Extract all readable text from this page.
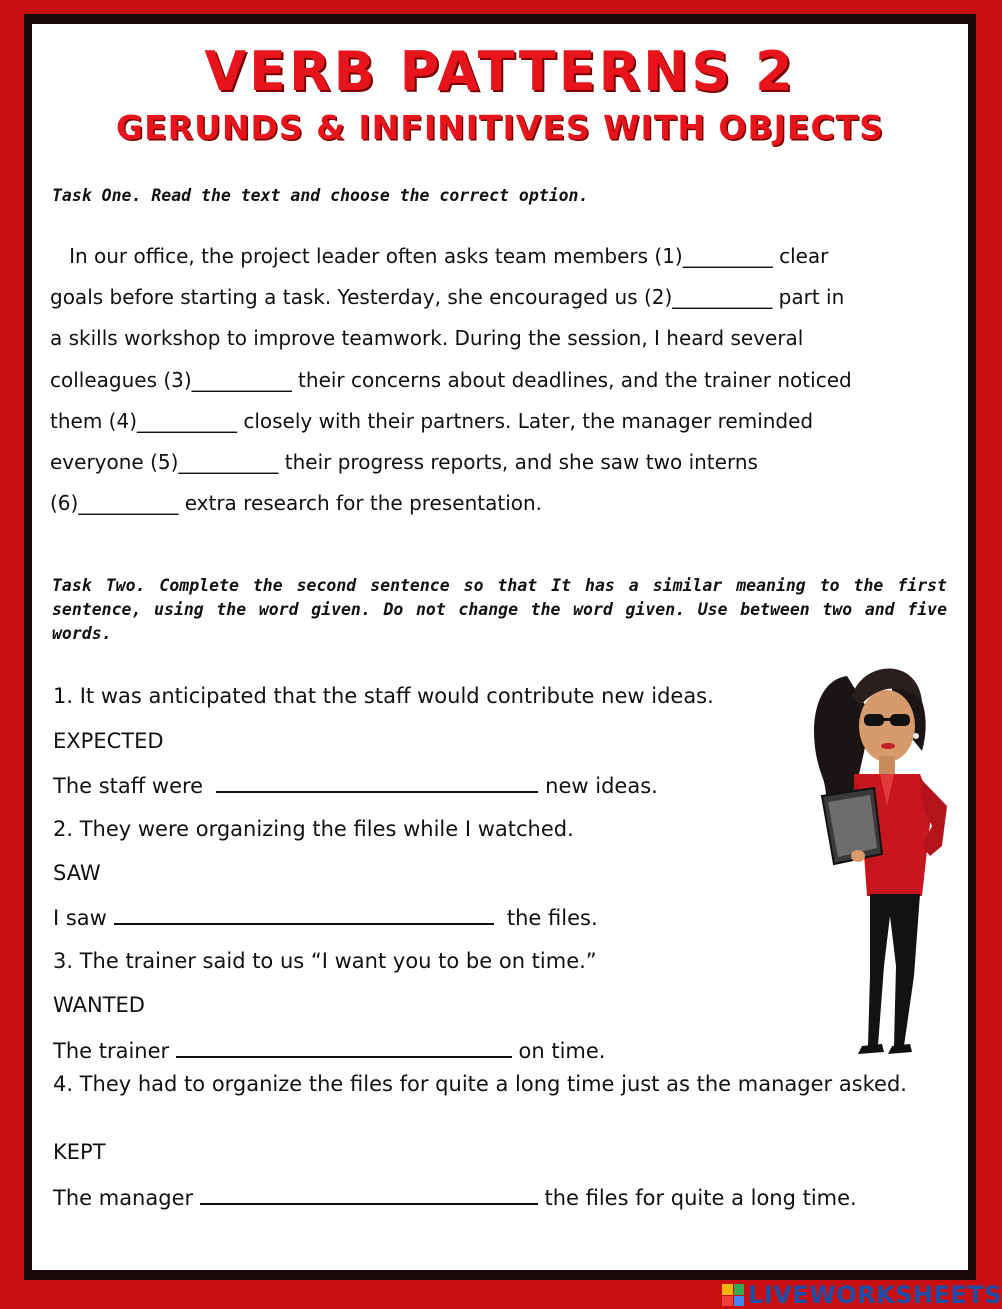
VERB PATTERNS 2
GERUNDS & INFINITIVES WITH OBJECTS
Task One. Read the text and choose the correct option.
In our office, the project leader often asks team members (1)_________ clear
goals before starting a task. Yesterday, she encouraged us (2)__________ part in
a skills workshop to improve teamwork. During the session, I heard several
colleagues (3)__________ their concerns about deadlines, and the trainer noticed
them (4)__________ closely with their partners. Later, the manager reminded
everyone (5)__________ their progress reports, and she saw two interns
(6)__________ extra research for the presentation.
Task Two. Complete the second sentence so that It has a similar meaning to the first sentence, using the word given. Do not change the word given. Use between two and five words.
1. It was anticipated that the staff would contribute new ideas.
EXPECTED
The staff were	new ideas.
2. They were organizing the files while I watched.
SAW
I saw	the files.
3. The trainer said to us “I want you to be on time.”
WANTED
The trainer	on time.
4. They had to organize the files for quite a long time just as the manager asked.
KEPT
The manager	the files for quite a long time.
LIVEWORKSHEETS
